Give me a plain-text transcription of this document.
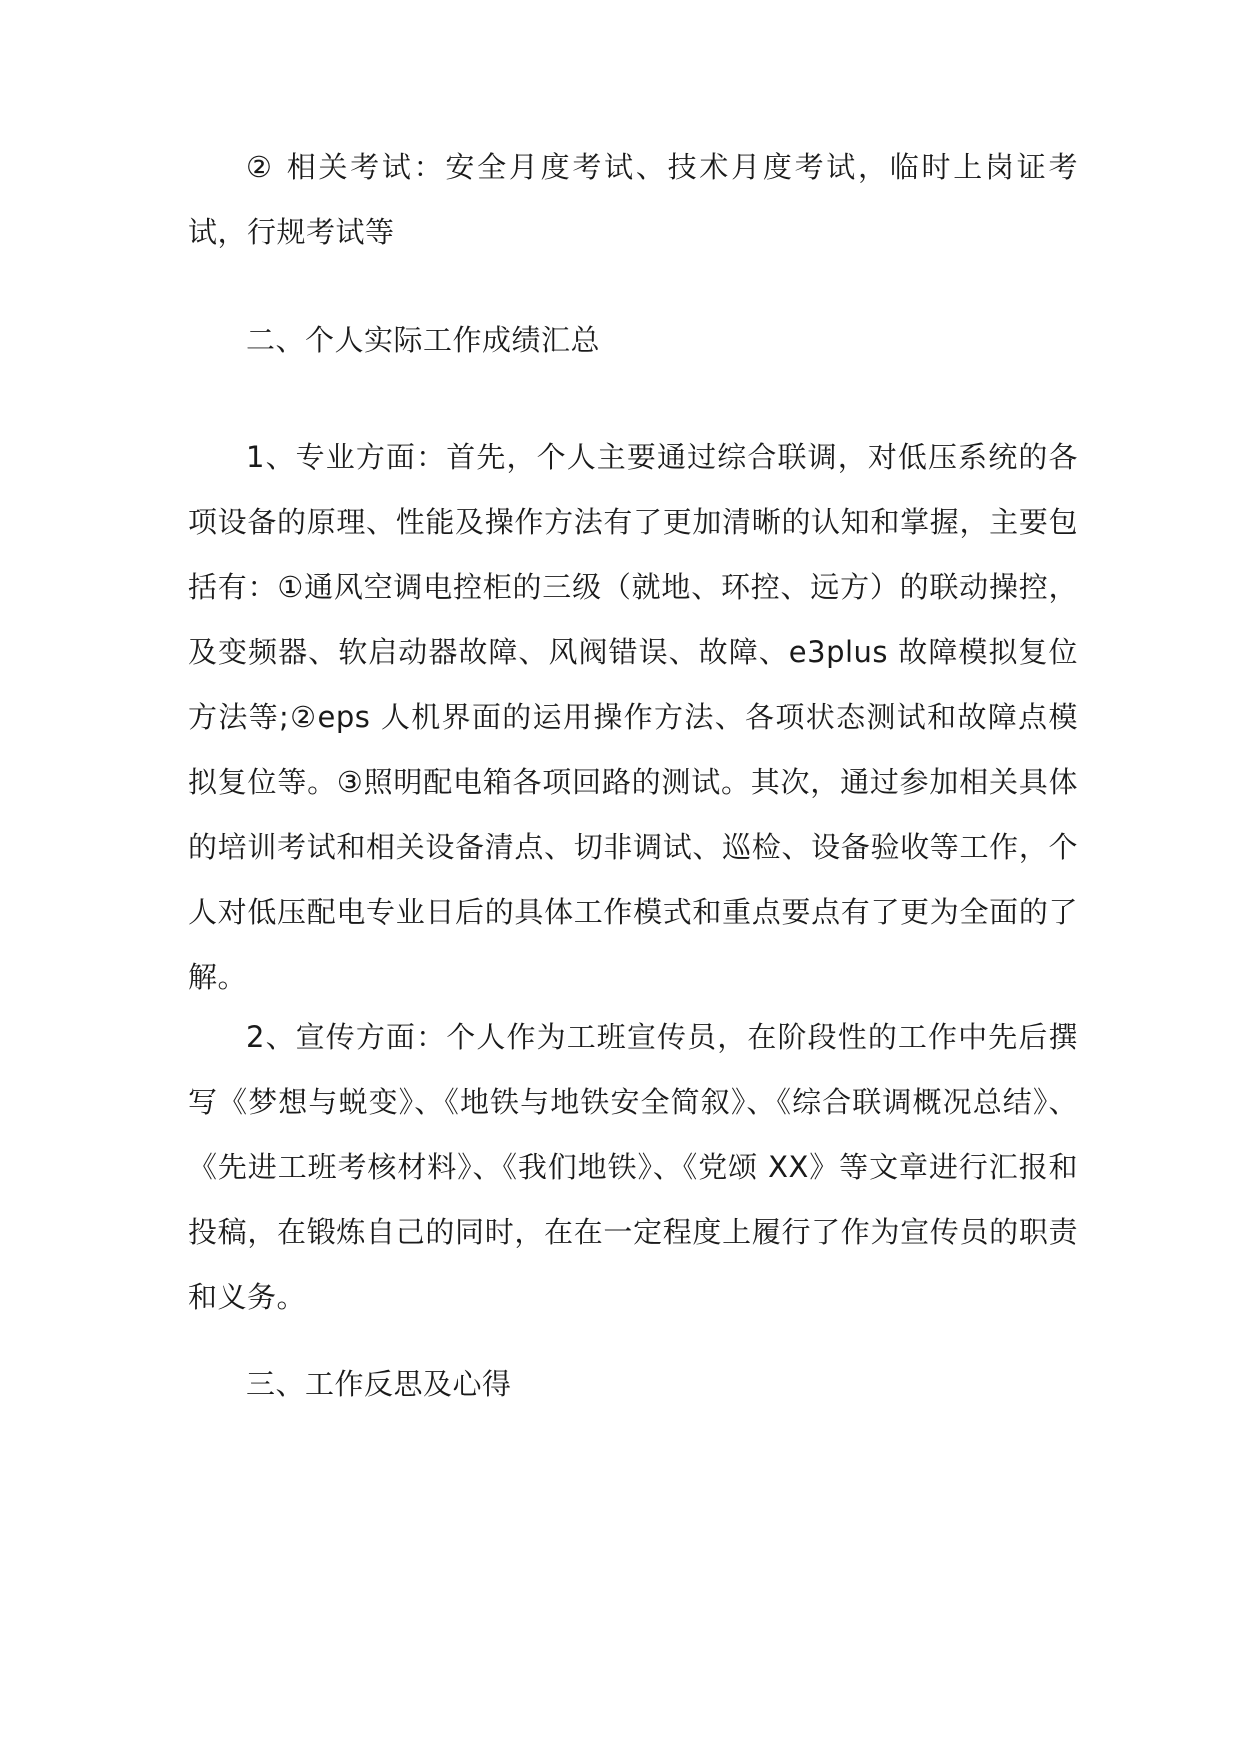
② 相关考试：安全月度考试、技术月度考试，临时上岗证考试，行规考试等

二、个人实际工作成绩汇总

1、专业方面：首先，个人主要通过综合联调，对低压系统的各项设备的原理、性能及操作方法有了更加清晰的认知和掌握，主要包括有：①通风空调电控柜的三级（就地、环控、远方）的联动操控，及变频器、软启动器故障、风阀错误、故障、e3plus 故障模拟复位方法等;②eps 人机界面的运用操作方法、各项状态测试和故障点模拟复位等。③照明配电箱各项回路的测试。其次，通过参加相关具体的培训考试和相关设备清点、切非调试、巡检、设备验收等工作，个人对低压配电专业日后的具体工作模式和重点要点有了更为全面的了解。

2、宣传方面：个人作为工班宣传员，在阶段性的工作中先后撰写《梦想与蜕变》、《地铁与地铁安全简叙》、《综合联调概况总结》、《先进工班考核材料》、《我们地铁》、《党颂 XX》等文章进行汇报和投稿，在锻炼自己的同时，在在一定程度上履行了作为宣传员的职责和义务。

三、工作反思及心得
